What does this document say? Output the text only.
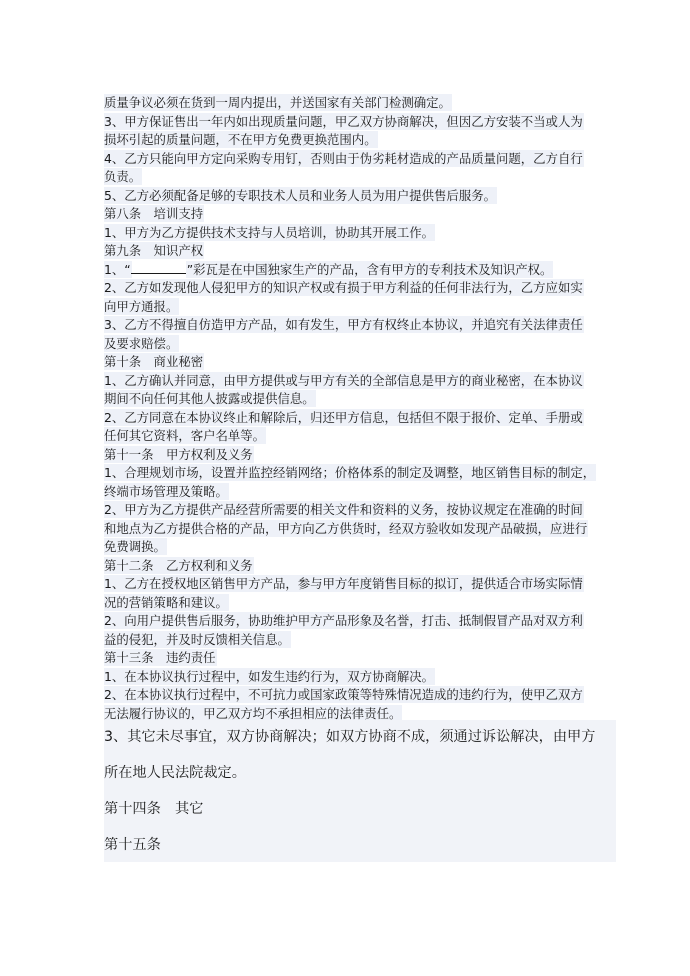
质量争议必须在货到一周内提出，并送国家有关部门检测确定。
3、甲方保证售出一年内如出现质量问题，甲乙双方协商解决，但因乙方安装不当或人为
损坏引起的质量问题，不在甲方免费更换范围内。
4、乙方只能向甲方定向采购专用钉，否则由于伪劣耗材造成的产品质量问题，乙方自行
负责。
5、乙方必须配备足够的专职技术人员和业务人员为用户提供售后服务。
第八条　培训支持
1、甲方为乙方提供技术支持与人员培训，协助其开展工作。
第九条　知识产权
1、“	”彩瓦是在中国独家生产的产品，含有甲方的专利技术及知识产权。
2、乙方如发现他人侵犯甲方的知识产权或有损于甲方利益的任何非法行为，乙方应如实
向甲方通报。
3、乙方不得擅自仿造甲方产品，如有发生，甲方有权终止本协议，并追究有关法律责任
及要求赔偿。
第十条　商业秘密
1、乙方确认并同意，由甲方提供或与甲方有关的全部信息是甲方的商业秘密，在本协议
期间不向任何其他人披露或提供信息。
2、乙方同意在本协议终止和解除后，归还甲方信息，包括但不限于报价、定单、手册或
任何其它资料，客户名单等。
第十一条　甲方权利及义务
1、合理规划市场，设置并监控经销网络；价格体系的制定及调整，地区销售目标的制定，
终端市场管理及策略。
2、甲方为乙方提供产品经营所需要的相关文件和资料的义务，按协议规定在准确的时间
和地点为乙方提供合格的产品，甲方向乙方供货时，经双方验收如发现产品破损，应进行
免费调换。
第十二条　乙方权利和义务
1、乙方在授权地区销售甲方产品，参与甲方年度销售目标的拟订，提供适合市场实际情
况的营销策略和建议。
2、向用户提供售后服务，协助维护甲方产品形象及名誉，打击、抵制假冒产品对双方利
益的侵犯，并及时反馈相关信息。
第十三条　违约责任
1、在本协议执行过程中，如发生违约行为，双方协商解决。
2、在本协议执行过程中，不可抗力或国家政策等特殊情况造成的违约行为，使甲乙双方
无法履行协议的，甲乙双方均不承担相应的法律责任。
3、其它未尽事宜，双方协商解决；如双方协商不成，须通过诉讼解决，由甲方
所在地人民法院裁定。
第十四条　其它
第十五条
